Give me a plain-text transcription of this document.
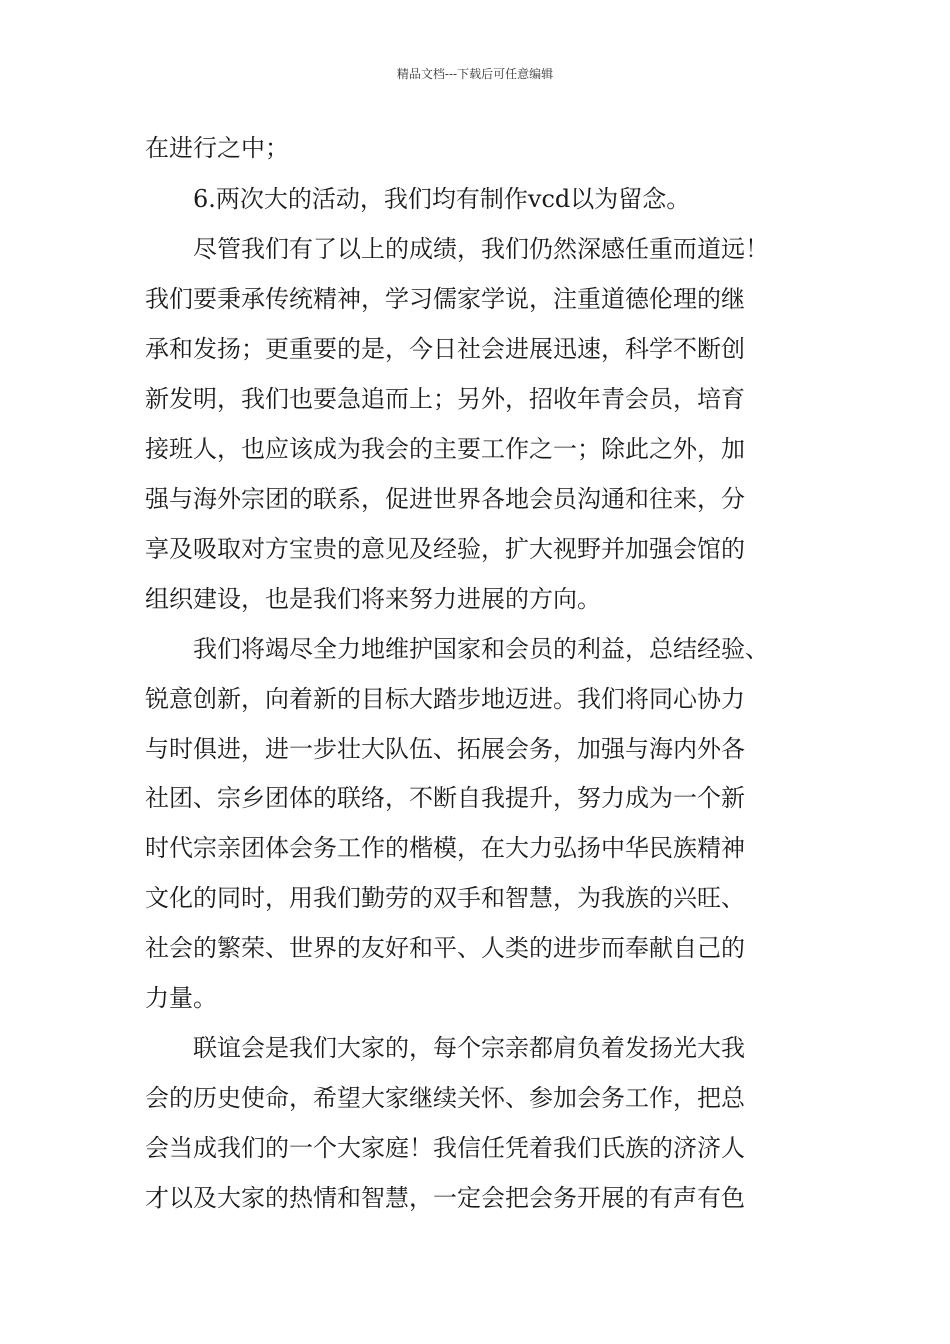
精品文档---下载后可任意编辑
在进行之中；
　　6.两次大的活动，我们均有制作vcd以为留念。
　　尽管我们有了以上的成绩，我们仍然深感任重而道远！
我们要秉承传统精神，学习儒家学说，注重道德伦理的继
承和发扬；更重要的是，今日社会进展迅速，科学不断创
新发明，我们也要急追而上；另外，招收年青会员，培育
接班人，也应该成为我会的主要工作之一；除此之外，加
强与海外宗团的联系，促进世界各地会员沟通和往来，分
享及吸取对方宝贵的意见及经验，扩大视野并加强会馆的
组织建设，也是我们将来努力进展的方向。
　　我们将竭尽全力地维护国家和会员的利益，总结经验、
锐意创新，向着新的目标大踏步地迈进。我们将同心协力
与时俱进，进一步壮大队伍、拓展会务，加强与海内外各
社团、宗乡团体的联络，不断自我提升，努力成为一个新
时代宗亲团体会务工作的楷模，在大力弘扬中华民族精神
文化的同时，用我们勤劳的双手和智慧，为我族的兴旺、
社会的繁荣、世界的友好和平、人类的进步而奉献自己的
力量。
　　联谊会是我们大家的，每个宗亲都肩负着发扬光大我
会的历史使命，希望大家继续关怀、参加会务工作，把总
会当成我们的一个大家庭！我信任凭着我们氏族的济济人
才以及大家的热情和智慧，一定会把会务开展的有声有色
